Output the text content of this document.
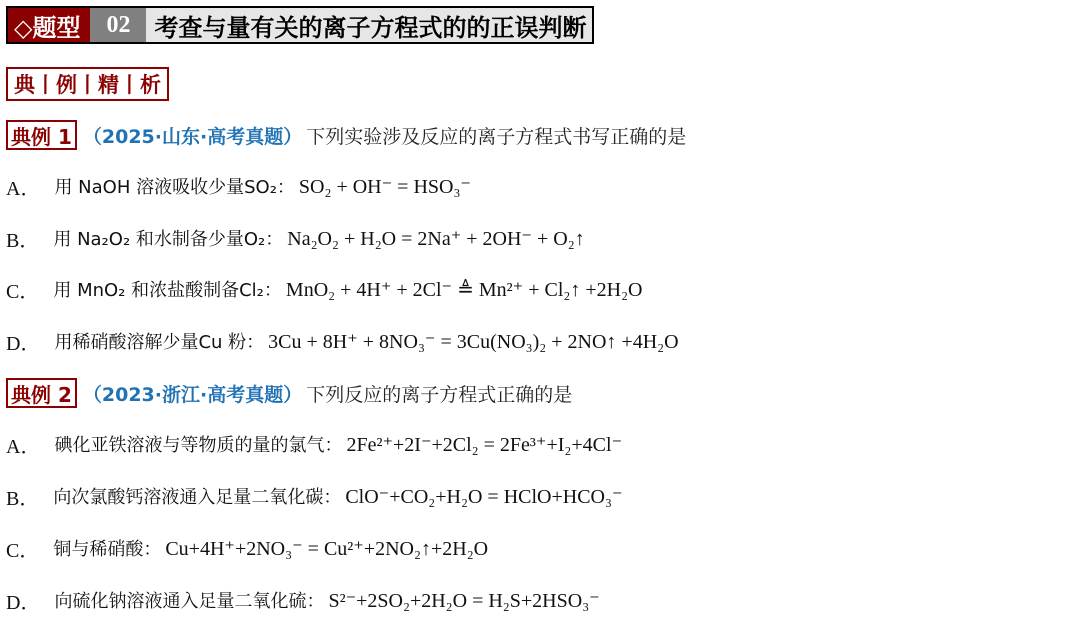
◇题型	02	考查与量有关的离子方程式的的正误判断
典丨例丨精丨析
典例 1 （2025·山东·高考真题） 下列实验涉及反应的离子方程式书写正确的是
A． 用 NaOH 溶液吸收少量SO₂： SO₂ + OH⁻ = HSO₃⁻
B． 用 Na₂O₂ 和水制备少量O₂： Na₂O₂ + H₂O = 2Na⁺ + 2OH⁻ + O₂↑
C． 用 MnO₂ 和浓盐酸制备Cl₂： MnO₂ + 4H⁺ + 2Cl⁻ ≜ Mn²⁺ + Cl₂↑ +2H₂O
D． 用稀硝酸溶解少量Cu 粉： 3Cu + 8H⁺ + 8NO₃⁻ = 3Cu(NO₃)₂ + 2NO↑ +4H₂O
典例 2 （2023·浙江·高考真题） 下列反应的离子方程式正确的是
A． 碘化亚铁溶液与等物质的量的氯气： 2Fe²⁺+2I⁻+2Cl₂ = 2Fe³⁺+I₂+4Cl⁻
B． 向次氯酸钙溶液通入足量二氧化碳： ClO⁻+CO₂+H₂O = HClO+HCO₃⁻
C． 铜与稀硝酸： Cu+4H⁺+2NO₃⁻ = Cu²⁺+2NO₂↑+2H₂O
D． 向硫化钠溶液通入足量二氧化硫： S²⁻+2SO₂+2H₂O = H₂S+2HSO₃⁻
